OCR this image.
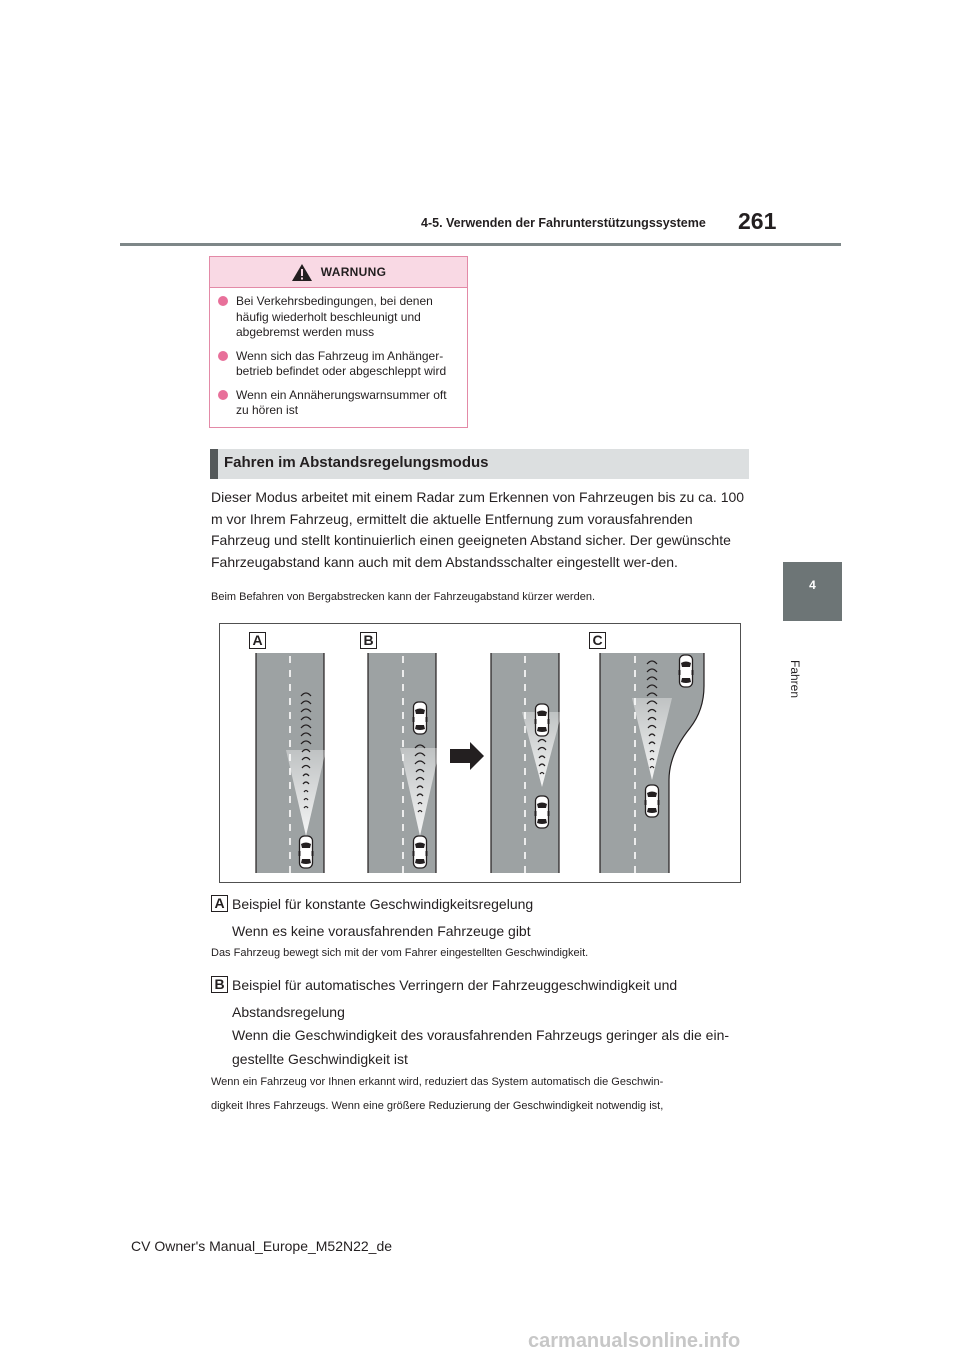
4-5. Verwenden der Fahrunterstützungssysteme 261
4
Fahren
WARNUNG
Bei Verkehrsbedingungen, bei denen häufig wiederholt beschleunigt und abgebremst werden muss
Wenn sich das Fahrzeug im Anhänger-betrieb befindet oder abgeschleppt wird
Wenn ein Annäherungswarnsummer oft zu hören ist
Fahren im Abstandsregelungsmodus
Dieser Modus arbeitet mit einem Radar zum Erkennen von Fahrzeugen bis zu ca. 100 m vor Ihrem Fahrzeug, ermittelt die aktuelle Entfernung zum vorausfahrenden Fahrzeug und stellt kontinuierlich einen geeigneten Abstand sicher. Der gewünschte Fahrzeugabstand kann auch mit dem Abstandsschalter eingestellt wer-den.
Beim Befahren von Bergabstrecken kann der Fahrzeugabstand kürzer werden.
A	B	C
A Beispiel für konstante Geschwindigkeitsregelung
Wenn es keine vorausfahrenden Fahrzeuge gibt
Das Fahrzeug bewegt sich mit der vom Fahrer eingestellten Geschwindigkeit.
B Beispiel für automatisches Verringern der Fahrzeuggeschwindigkeit und
Abstandsregelung
Wenn die Geschwindigkeit des vorausfahrenden Fahrzeugs geringer als die ein-
gestellte Geschwindigkeit ist
Wenn ein Fahrzeug vor Ihnen erkannt wird, reduziert das System automatisch die Geschwin-
digkeit Ihres Fahrzeugs. Wenn eine größere Reduzierung der Geschwindigkeit notwendig ist,
CV Owner's Manual_Europe_M52N22_de
carmanualsonline.info
